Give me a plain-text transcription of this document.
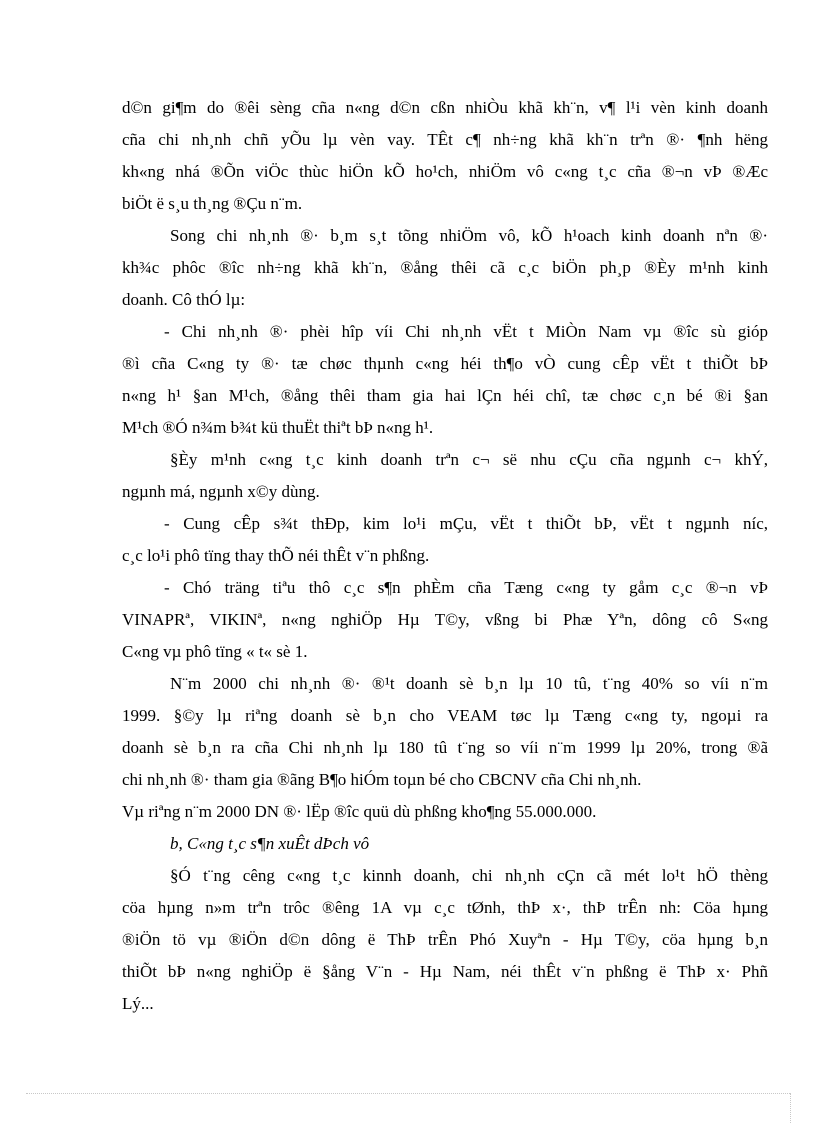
d©n gi¶m do ®êi sèng cña n«ng d©n cßn nhiÒu khã kh¨n, v¶ l¹i vèn kinh doanh
cña chi nh¸nh chñ yÕu lµ vèn vay. TÊt c¶ nh÷ng khã kh¨n trªn ®· ¶nh hëng
kh«ng nhá ®Õn viÖc thùc hiÖn kÕ ho¹ch, nhiÖm vô c«ng t¸c cña ®¬n vÞ ®Æc
biÖt ë s¸u th¸ng ®Çu n¨m.
Song chi nh¸nh ®· b¸m s¸t tõng nhiÖm vô, kÕ h¹oach kinh doanh nªn ®·
kh¾c phôc ®îc nh÷ng khã kh¨n, ®ång thêi cã c¸c biÖn ph¸p ®Èy m¹nh kinh
doanh. Cô thÓ lµ:
- Chi nh¸nh ®· phèi hîp víi Chi nh¸nh vËt t MiÒn Nam vµ ®îc sù gióp
®ì cña C«ng ty ®· tæ chøc thµnh c«ng héi th¶o vÒ cung cÊp vËt t thiÕt bÞ
n«ng h¹ §an M¹ch, ®ång thêi tham gia hai lÇn héi chî, tæ chøc c¸n bé ®i §an
M¹ch ®Ó n¾m b¾t kü thuËt thiªt bÞ n«ng h¹.
§Èy m¹nh c«ng t¸c kinh doanh trªn c¬ së nhu cÇu cña ngµnh c¬ khÝ,
ngµnh má, ngµnh x©y dùng.
- Cung cÊp s¾t thÐp, kim lo¹i mÇu, vËt t thiÕt bÞ, vËt t ngµnh níc,
c¸c lo¹i phô tïng thay thÕ néi thÊt v¨n phßng.
- Chó träng tiªu thô c¸c s¶n phÈm cña Tæng c«ng ty gåm c¸c ®¬n vÞ
VINAPRª, VIKINª, n«ng nghiÖp Hµ T©y, vßng bi Phæ Yªn, dông cô S«ng
C«ng vµ phô tïng « t« sè 1.
N¨m 2000 chi nh¸nh ®· ®¹t doanh sè b¸n lµ 10 tû, t¨ng 40% so víi n¨m
1999. §©y lµ riªng doanh sè b¸n cho VEAM tøc lµ Tæng c«ng ty, ngoµi ra
doanh sè b¸n ra cña Chi nh¸nh lµ 180 tû t¨ng so víi n¨m 1999 lµ 20%, trong ®ã
chi nh¸nh ®· tham gia ®ãng B¶o hiÓm toµn bé cho CBCNV cña Chi nh¸nh.
Vµ riªng n¨m 2000 DN ®· lËp ®îc quü dù phßng kho¶ng 55.000.000.
b, C«ng t¸c s¶n xuÊt dÞch vô
§Ó t¨ng cêng c«ng t¸c kinnh doanh, chi nh¸nh cÇn cã mét lo¹t hÖ thèng
cöa hµng n»m trªn trôc ®êng 1A vµ c¸c tØnh, thÞ x·, thÞ trÊn nh: Cöa hµng
®iÖn tö vµ ®iÖn d©n dông ë ThÞ trÊn Phó Xuyªn - Hµ T©y, cöa hµng b¸n
thiÕt bÞ n«ng nghiÖp ë §ång V¨n - Hµ Nam, néi thÊt v¨n phßng ë ThÞ x· Phñ
Lý...
